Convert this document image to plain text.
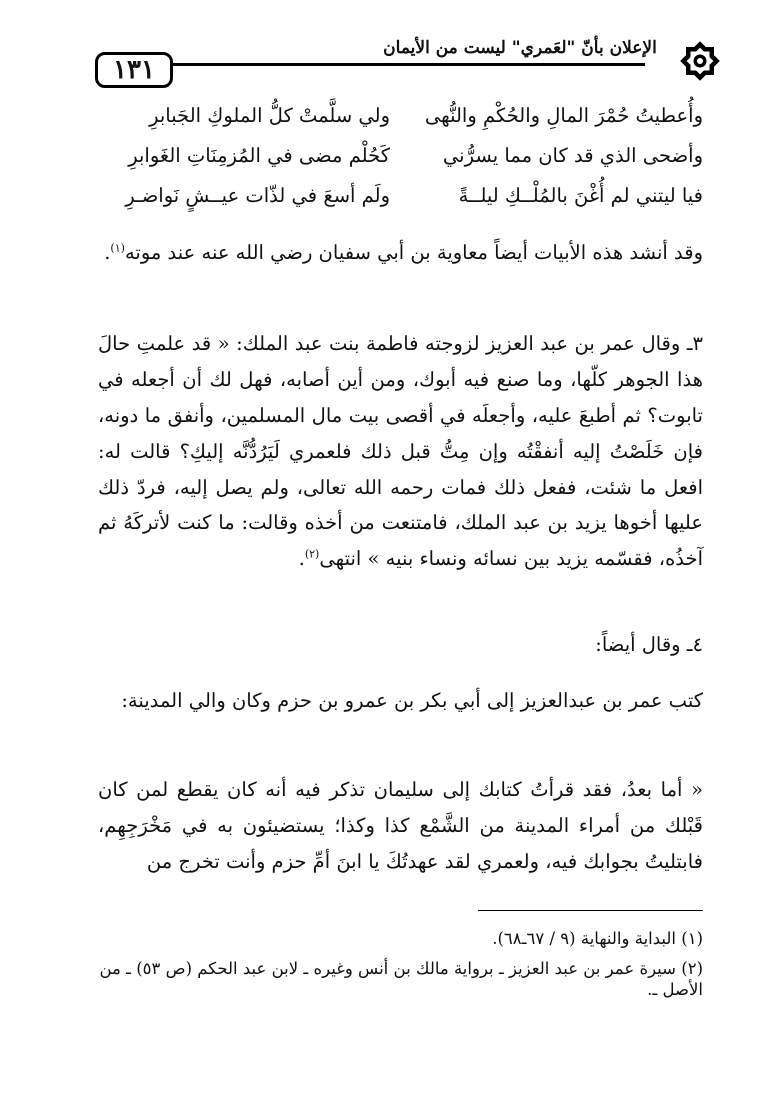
١٣١
الإعلان بأنّ "لعَمري" ليست من الأيمان
وأُعطيتُ حُمْرَ المالِ والحُكْمِ والنُّهى
ولي سلَّمتْ كلُّ الملوكِ الجَبابرِ
وأضحى الذي قد كان مما يسرُّني
كَحُلْم مضى في المُزمِنَاتِ الغَوابرِ
فيا ليتني لم أُغْنَ بالمُلْــكِ ليلــةً
ولَم أسعَ في لذّات عيــشٍ نَواضـرِ
وقد أنشد هذه الأبيات أيضاً معاوية بن أبي سفيان رضي الله عنه عند موته$^{(١)}$.
٣ـ وقال عمر بن عبد العزيز لزوجته فاطمة بنت عبد الملك: « قد علمتِ حالَ هذا الجوهر كلّها، وما صنع فيه أبوك، ومن أين أصابه، فهل لك أن أجعله في تابوت؟ ثم أطبعَ عليه، وأجعلَه في أقصى بيت مال المسلمين، وأنفق ما دونه، فإن خَلَصْتُ إليه أنفقْتُه وإن مِتُّ قبل ذلك فلعمري لَيَرُدُّنَّه إليكِ؟ قالت له: افعل ما شئت، ففعل ذلك فمات رحمه الله تعالى، ولم يصل إليه، فردّ ذلك عليها أخوها يزيد بن عبد الملك، فامتنعت من أخذه وقالت: ما كنت لأتركَهُ ثم آخذُه، فقسّمه يزيد بين نسائه ونساء بنيه » انتهى$^{(٢)}$.
٤ـ وقال أيضاً:
كتب عمر بن عبدالعزيز إلى أبي بكر بن عمرو بن حزم وكان والي المدينة:
« أما بعدُ، فقد قرأتُ كتابك إلى سليمان تذكر فيه أنه كان يقطع لمن كان قَبْلك من أمراء المدينة من الشَّمْع كذا وكذا؛ يستضيئون به في مَخْرَجِهِم، فابتليتُ بجوابك فيه، ولعمري لقد عهدتُكَ يا ابنَ أمِّ حزم وأنت تخرج من
(١) البداية والنهاية (٩ / ٦٧ـ٦٨).
(٢) سيرة عمر بن عبد العزيز ـ برواية مالك بن أنس وغيره ـ لابن عبد الحكم (ص ٥٣) ـ من الأصل ـ.
